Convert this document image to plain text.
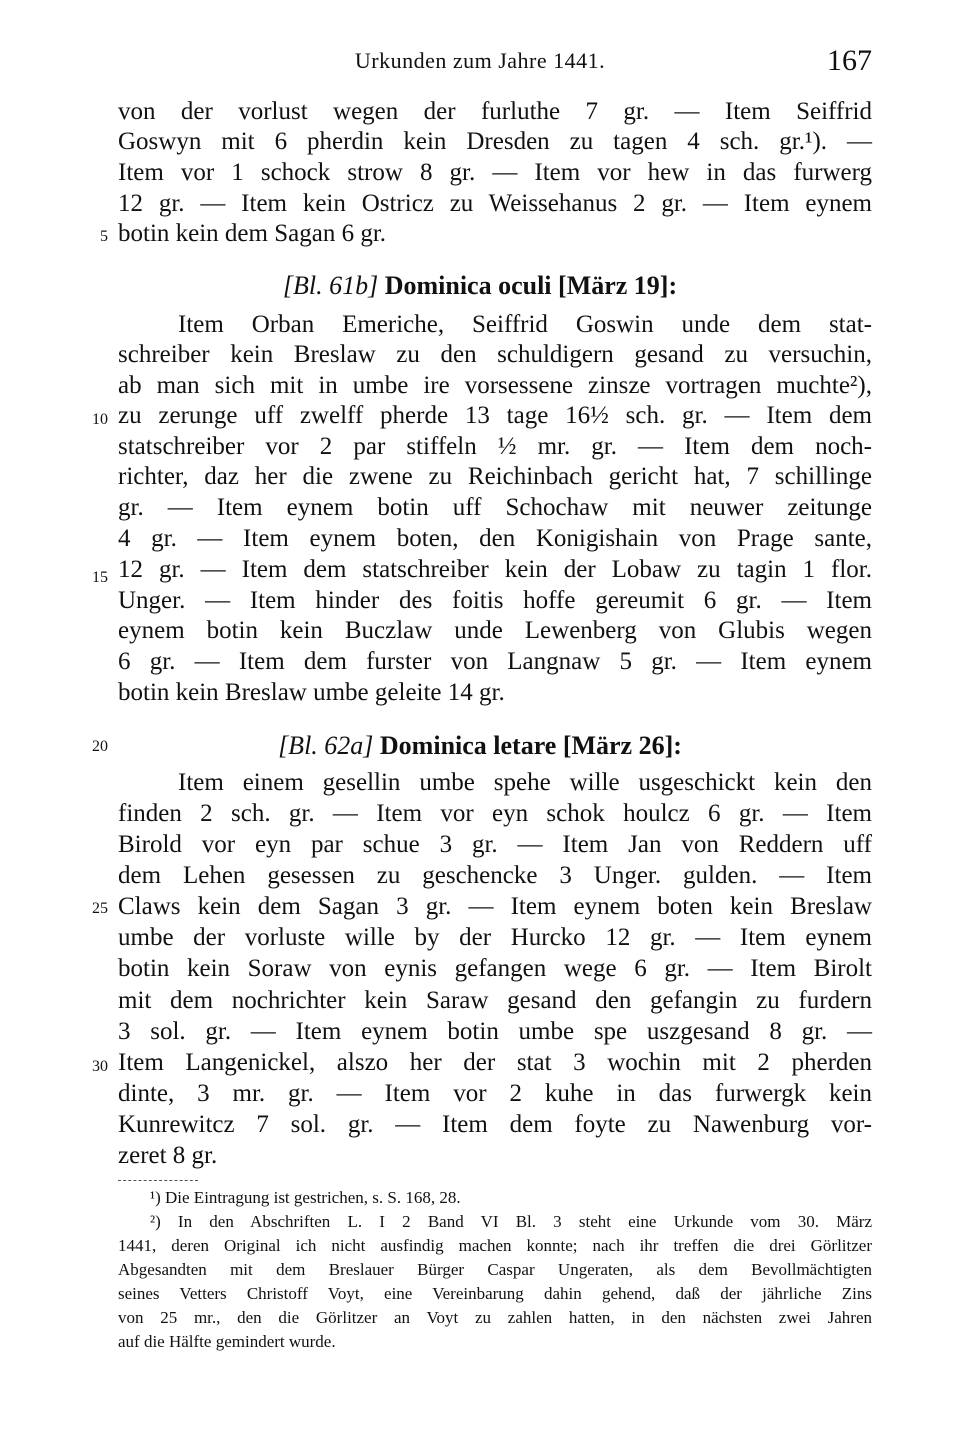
Urkunden zum Jahre 1441.	167
von der vorlust wegen der furluthe 7 gr. — Item Seiffrid
Goswyn mit 6 pherdin kein Dresden zu tagen 4 sch. gr.¹). —
Item vor 1 schock strow 8 gr. — Item vor hew in das furwerg
12 gr. — Item kein Ostricz zu Weissehanus 2 gr. — Item eynem
botin kein dem Sagan 6 gr.
[Bl. 61b] Dominica oculi [März 19]:
Item Orban Emeriche, Seiffrid Goswin unde dem stat-
schreiber kein Breslaw zu den schuldigern gesand zu versuchin,
ab man sich mit in umbe ire vorsessene zinsze vortragen muchte²),
zu zerunge uff zwelff pherde 13 tage 16½ sch. gr. — Item dem
statschreiber vor 2 par stiffeln ½ mr. gr. — Item dem noch-
richter, daz her die zwene zu Reichinbach gericht hat, 7 schillinge
gr. — Item eynem botin uff Schochaw mit neuwer zeitunge
4 gr. — Item eynem boten, den Konigishain von Prage sante,
12 gr. — Item dem statschreiber kein der Lobaw zu tagin 1 flor.
Unger. — Item hinder des foitis hoffe gereumit 6 gr. — Item
eynem botin kein Buczlaw unde Lewenberg von Glubis wegen
6 gr. — Item dem furster von Langnaw 5 gr. — Item eynem
botin kein Breslaw umbe geleite 14 gr.
[Bl. 62a] Dominica letare [März 26]:
Item einem gesellin umbe spehe wille usgeschickt kein den
finden 2 sch. gr. — Item vor eyn schok houlcz 6 gr. — Item
Birold vor eyn par schue 3 gr. — Item Jan von Reddern uff
dem Lehen gesessen zu geschencke 3 Unger. gulden. — Item
Claws kein dem Sagan 3 gr. — Item eynem boten kein Breslaw
umbe der vorluste wille by der Hurcko 12 gr. — Item eynem
botin kein Soraw von eynis gefangen wege 6 gr. — Item Birolt
mit dem nochrichter kein Saraw gesand den gefangin zu furdern
3 sol. gr. — Item eynem botin umbe spe uszgesand 8 gr. —
Item Langenickel, alszo her der stat 3 wochin mit 2 pherden
dinte, 3 mr. gr. — Item vor 2 kuhe in das furwergk kein
Kunrewitcz 7 sol. gr. — Item dem foyte zu Nawenburg vor-
zeret 8 gr.
5
10
15
20
25
30
¹) Die Eintragung ist gestrichen, s. S. 168, 28.
²) In den Abschriften L. I 2 Band VI Bl. 3 steht eine Urkunde vom 30. März
1441, deren Original ich nicht ausfindig machen konnte; nach ihr treffen die drei Görlitzer
Abgesandten mit dem Breslauer Bürger Caspar Ungeraten, als dem Bevollmächtigten
seines Vetters Christoff Voyt, eine Vereinbarung dahin gehend, daß der jährliche Zins
von 25 mr., den die Görlitzer an Voyt zu zahlen hatten, in den nächsten zwei Jahren
auf die Hälfte gemindert wurde.
